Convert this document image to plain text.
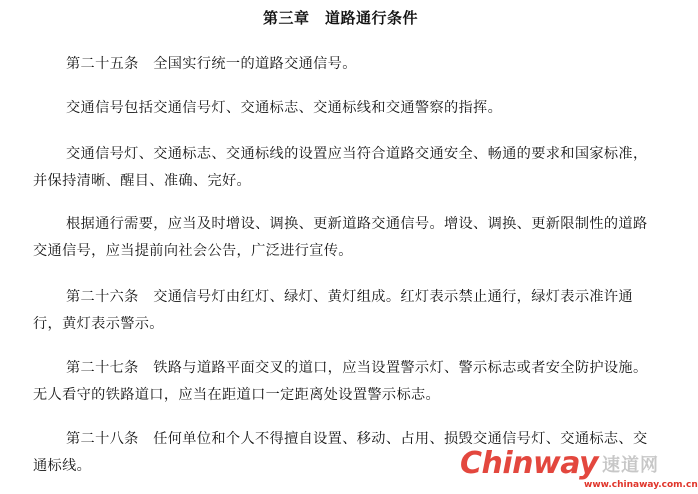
第三章　道路通行条件

第二十五条　全国实行统一的道路交通信号。

交通信号包括交通信号灯、交通标志、交通标线和交通警察的指挥。

交通信号灯、交通标志、交通标线的设置应当符合道路交通安全、畅通的要求和国家标准，并保持清晰、醒目、准确、完好。

根据通行需要，应当及时增设、调换、更新道路交通信号。增设、调换、更新限制性的道路交通信号，应当提前向社会公告，广泛进行宣传。

第二十六条　交通信号灯由红灯、绿灯、黄灯组成。红灯表示禁止通行，绿灯表示准许通行，黄灯表示警示。

第二十七条　铁路与道路平面交叉的道口，应当设置警示灯、警示标志或者安全防护设施。无人看守的铁路道口，应当在距道口一定距离处设置警示标志。

第二十八条　任何单位和个人不得擅自设置、移动、占用、损毁交通信号灯、交通标志、交通标线。	Chinway 速道网
www.chinaway.com.cn
